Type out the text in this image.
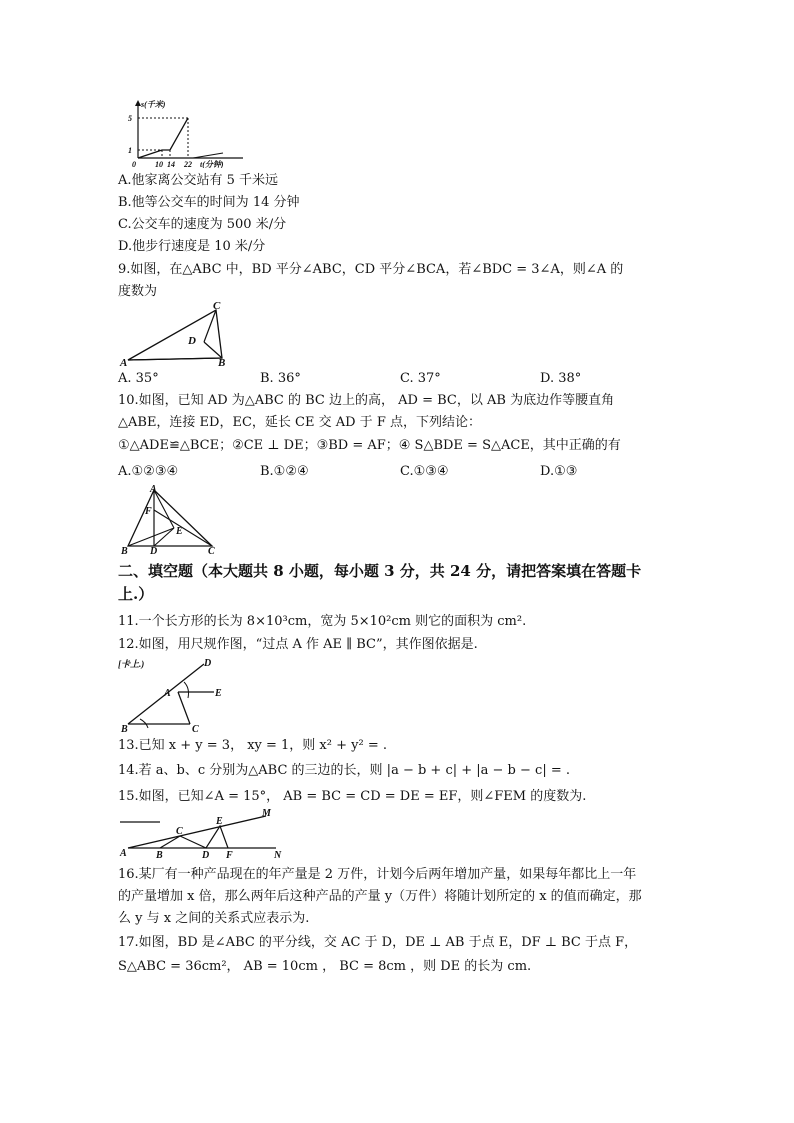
s(千米)
5
1
0 10 14 22 t(分钟)
A.他家离公交站有 5 千米远
B.他等公交车的时间为 14 分钟
C.公交车的速度为 500 米/分
D.他步行速度是 10 米/分
9.如图，在△ABC 中，BD 平分∠ABC，CD 平分∠BCA，若∠BDC = 3∠A，则∠A 的
度数为
A	B
C
D
A. 35°	B. 36°	C. 37°	D. 38°
10.如图，已知 AD 为△ABC 的 BC 边上的高， AD = BC，以 AB 为底边作等腰直角
△ABE，连接 ED，EC，延长 CE 交 AD 于 F 点，下列结论：
①△ADE≌△BCE；②CE ⊥ DE；③BD = AF；④ S△BDE = S△ACE，其中正确的有
A.①②③④	B.①②④	C.①③④	D.①③
A
B	C
D
E
F
二、填空题（本大题共 8 小题，每小题 3 分，共 24 分，请把答案填在答题卡
上.）
11.一个长方形的长为 8×10³cm，宽为 5×10²cm 则它的面积为 cm².
12.如图，用尺规作图，“过点 A 作 AE ∥ BC”，其作图依据是.
[卡上.)
A
B	C
D
E
13.已知 x + y = 3， xy = 1，则 x² + y² = .
14.若 a、b、c 分别为△ABC 的三边的长，则 |a − b + c| + |a − b − c| = .
15.如图，已知∠A = 15°， AB = BC = CD = DE = EF，则∠FEM 的度数为.
A	B
C
D
E
F
M
N
16.某厂有一种产品现在的年产量是 2 万件，计划今后两年增加产量，如果每年都比上一年
的产量增加 x 倍，那么两年后这种产品的产量 y（万件）将随计划所定的 x 的值而确定，那
么 y 与 x 之间的关系式应表示为.
17.如图，BD 是∠ABC 的平分线，交 AC 于 D，DE ⊥ AB 于点 E，DF ⊥ BC 于点 F，
S△ABC = 36cm²， AB = 10cm ， BC = 8cm ，则 DE 的长为 cm.
